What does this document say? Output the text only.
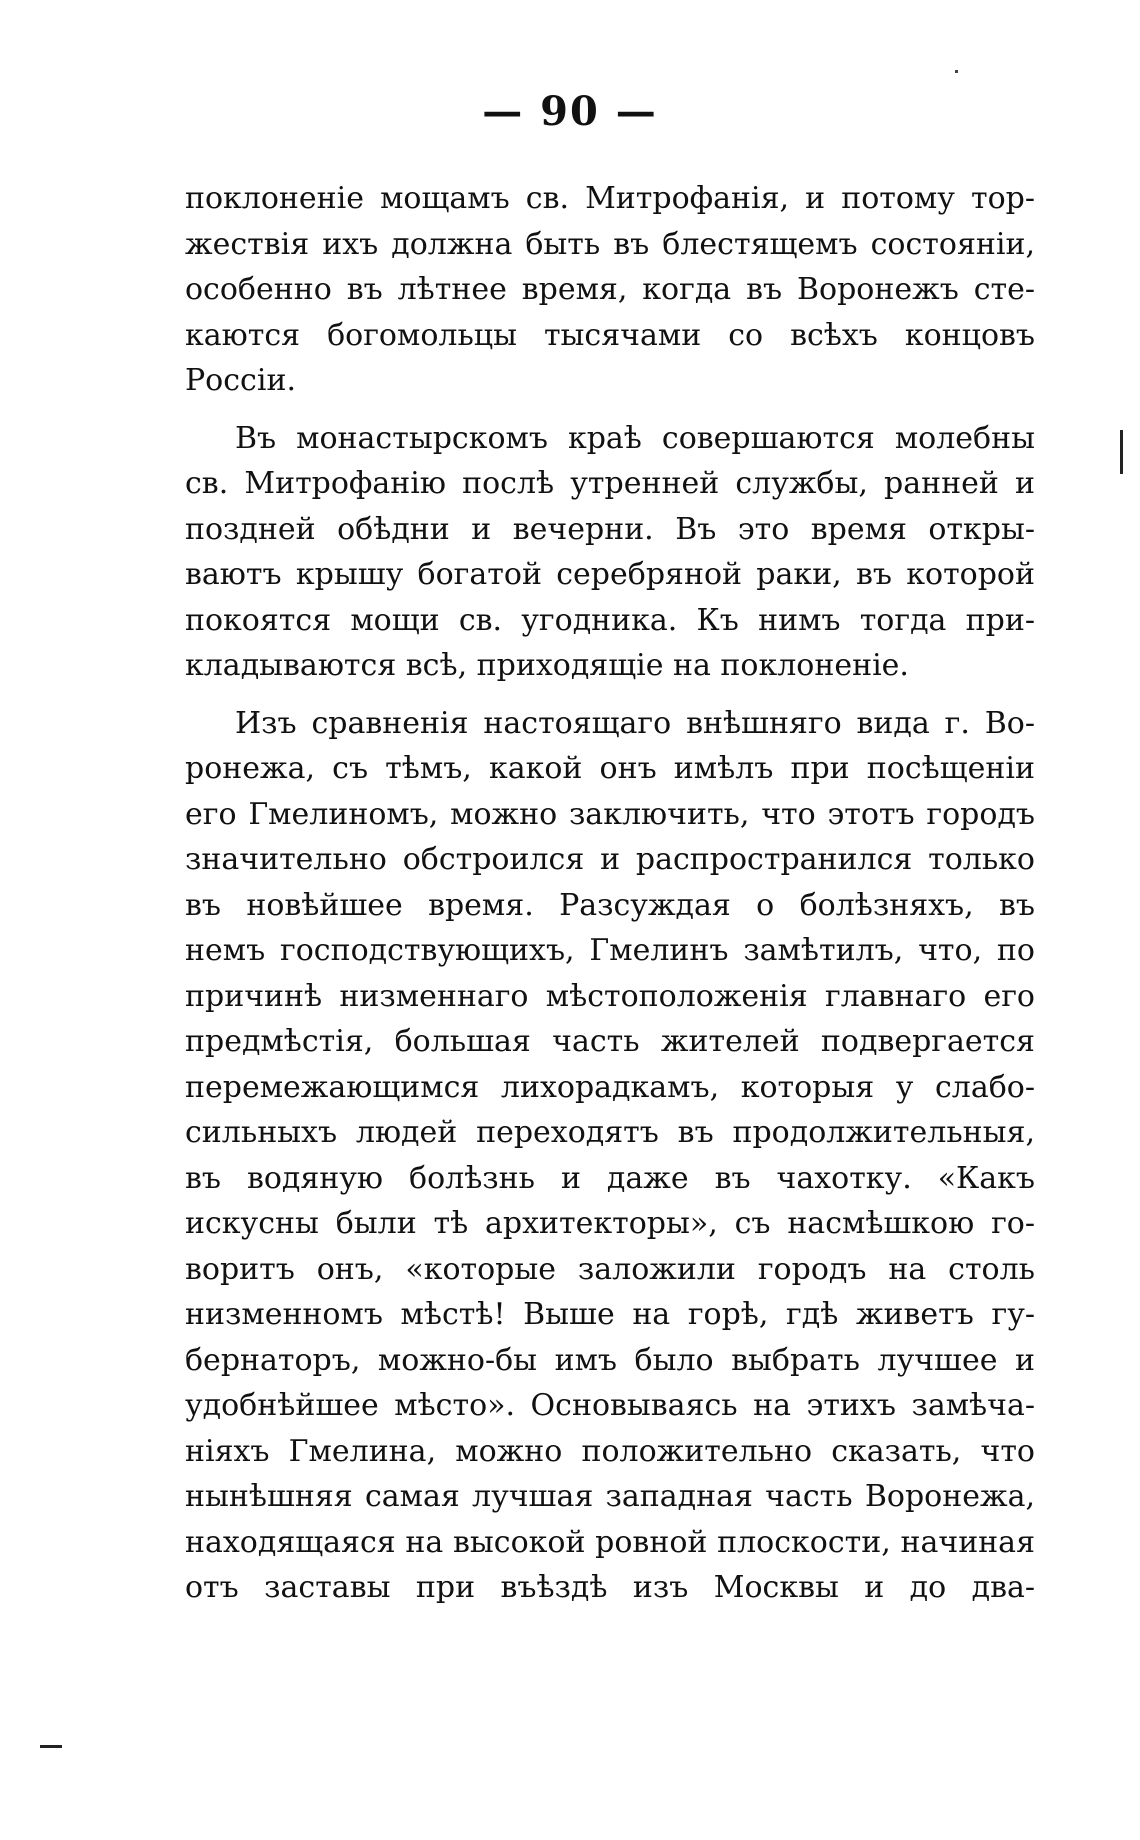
— 90 —
поклоненіе мощамъ св. Митрофанія, и потому тор-
жествія ихъ должна быть въ блестящемъ состояніи,
особенно въ лѣтнее время, когда въ Воронежъ сте-
каются богомольцы тысячами со всѣхъ концовъ
Россіи.
Въ монастырскомъ краѣ совершаются молебны
св. Митрофанію послѣ утренней службы, ранней и
поздней обѣдни и вечерни. Въ это время откры-
ваютъ крышу богатой серебряной раки, въ которой
покоятся мощи св. угодника. Къ нимъ тогда при-
кладываются всѣ, приходящіе на поклоненіе.
Изъ сравненія настоящаго внѣшняго вида г. Во-
ронежа, съ тѣмъ, какой онъ имѣлъ при посѣщеніи
его Гмелиномъ, можно заключить, что этотъ городъ
значительно обстроился и распространился только
въ новѣйшее время. Разсуждая о болѣзняхъ, въ
немъ господствующихъ, Гмелинъ замѣтилъ, что, по
причинѣ низменнаго мѣстоположенія главнаго его
предмѣстія, большая часть жителей подвергается
перемежающимся лихорадкамъ, которыя у слабо-
сильныхъ людей переходятъ въ продолжительныя,
въ водяную болѣзнь и даже въ чахотку. «Какъ
искусны были тѣ архитекторы», съ насмѣшкою го-
воритъ онъ, «которые заложили городъ на столь
низменномъ мѣстѣ! Выше на горѣ, гдѣ живетъ гу-
бернаторъ, можно-бы имъ было выбрать лучшее и
удобнѣйшее мѣсто». Основываясь на этихъ замѣча-
ніяхъ Гмелина, можно положительно сказать, что
нынѣшняя самая лучшая западная часть Воронежа,
находящаяся на высокой ровной плоскости, начиная
отъ заставы при въѣздѣ изъ Москвы и до два-
